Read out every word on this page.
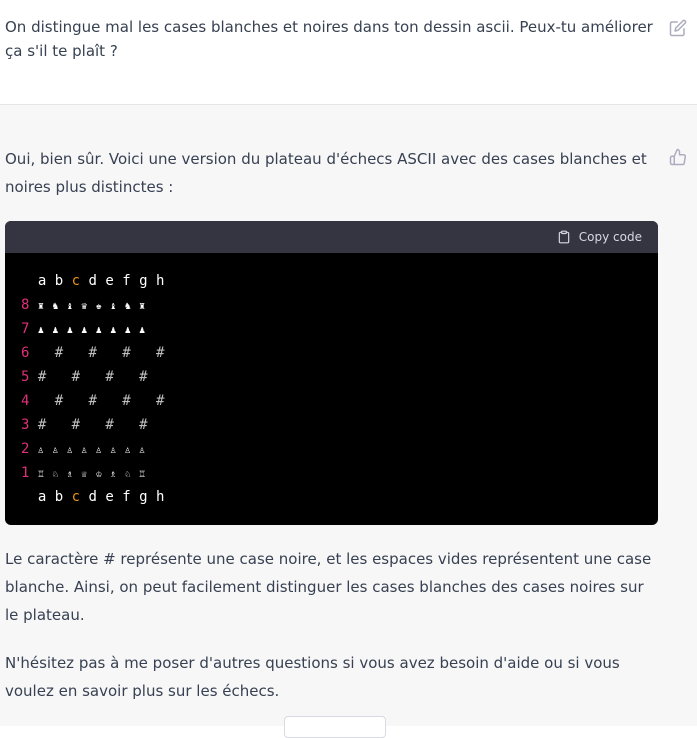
On distingue mal les cases blanches et noires dans ton dessin ascii. Peux-tu améliorer ça s'il te plaît ?
Oui, bien sûr. Voici une version du plateau d'échecs ASCII avec des cases blanches et noires plus distinctes :
Copy code
a b c d e f g h
8 ♜ ♞ ♝ ♛ ♚ ♝ ♞ ♜
7 ♟ ♟ ♟ ♟ ♟ ♟ ♟ ♟
6 # # # #
5 # # # #
4 # # # #
3 # # # #
2 ♙ ♙ ♙ ♙ ♙ ♙ ♙ ♙
1 ♖ ♘ ♗ ♕ ♔ ♗ ♘ ♖
a b c d e f g h
Le caractère # représente une case noire, et les espaces vides représentent une case blanche. Ainsi, on peut facilement distinguer les cases blanches des cases noires sur le plateau.
N'hésitez pas à me poser d'autres questions si vous avez besoin d'aide ou si vous voulez en savoir plus sur les échecs.
